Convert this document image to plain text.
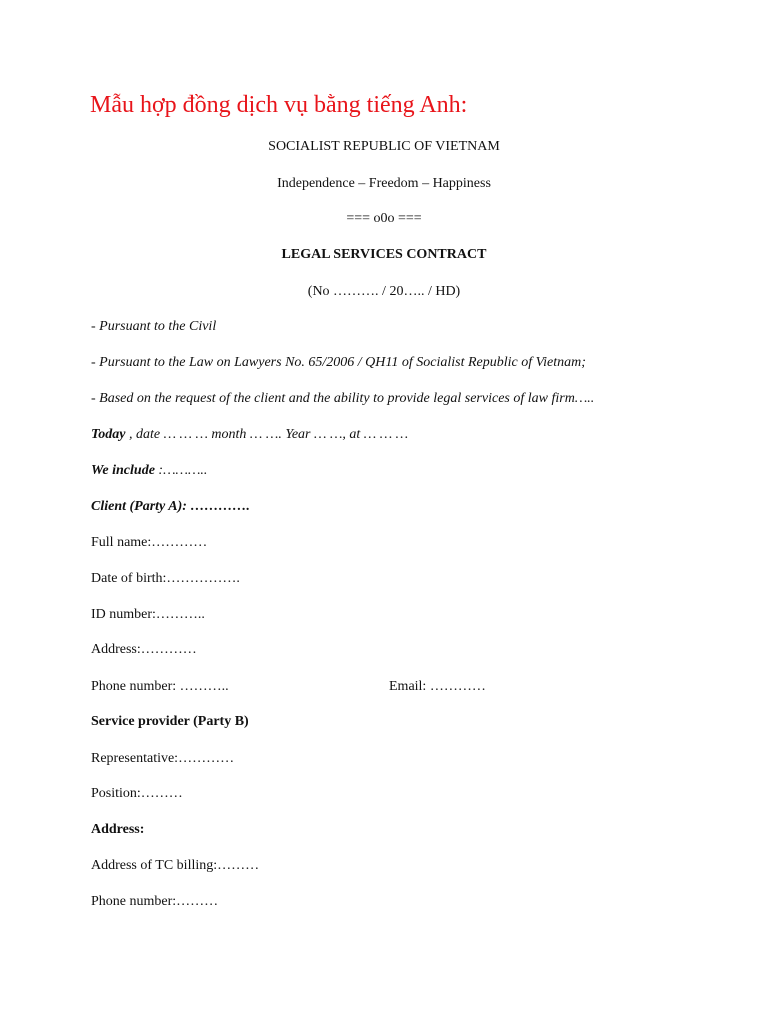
Mẫu hợp đồng dịch vụ bằng tiếng Anh:
SOCIALIST REPUBLIC OF VIETNAM
Independence – Freedom – Happiness
=== o0o ===
LEGAL SERVICES CONTRACT
(No ………. / 20….. / HD)
- Pursuant to the Civil
- Pursuant to the Law on Lawyers No. 65/2006 / QH11 of Socialist Republic of Vietnam;
- Based on the request of the client and the ability to provide legal services of law firm…..
Today , date … … … month … …. Year … …, at … … …
We include :………..
Client (Party A): ………….
Full name:…………
Date of birth:…………….
ID number:………..
Address:…………
Phone number: ………..	Email: …………
Service provider (Party B)
Representative:…………
Position:………
Address:
Address of TC billing:………
Phone number:………
